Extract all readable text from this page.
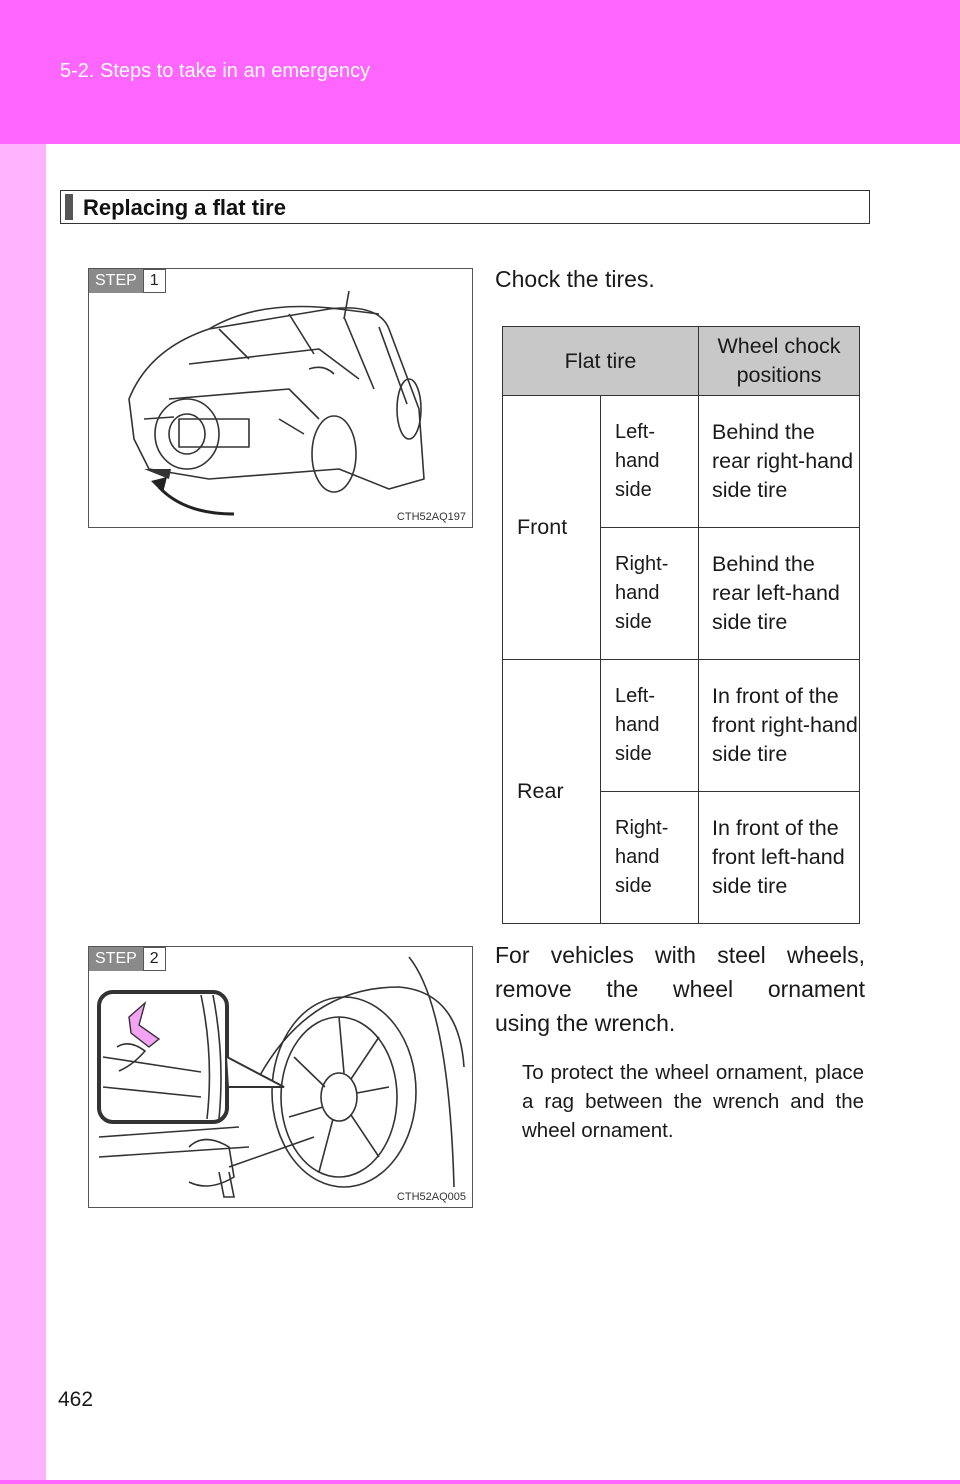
5-2. Steps to take in an emergency
Replacing a flat tire
STEP 1
CTH52AQ197
Chock the tires.
Flat tire		Wheel chock positions
Front	Left-hand side	Behind the rear right-hand side tire
	Right-hand side	Behind the rear left-hand side tire
Rear	Left-hand side	In front of the front right-hand side tire
	Right-hand side	In front of the front left-hand side tire
STEP 2
CTH52AQ005
For vehicles with steel wheels,
remove the wheel ornament
using the wrench.
To protect the wheel ornament, place a rag between the wrench and the wheel ornament.
462
